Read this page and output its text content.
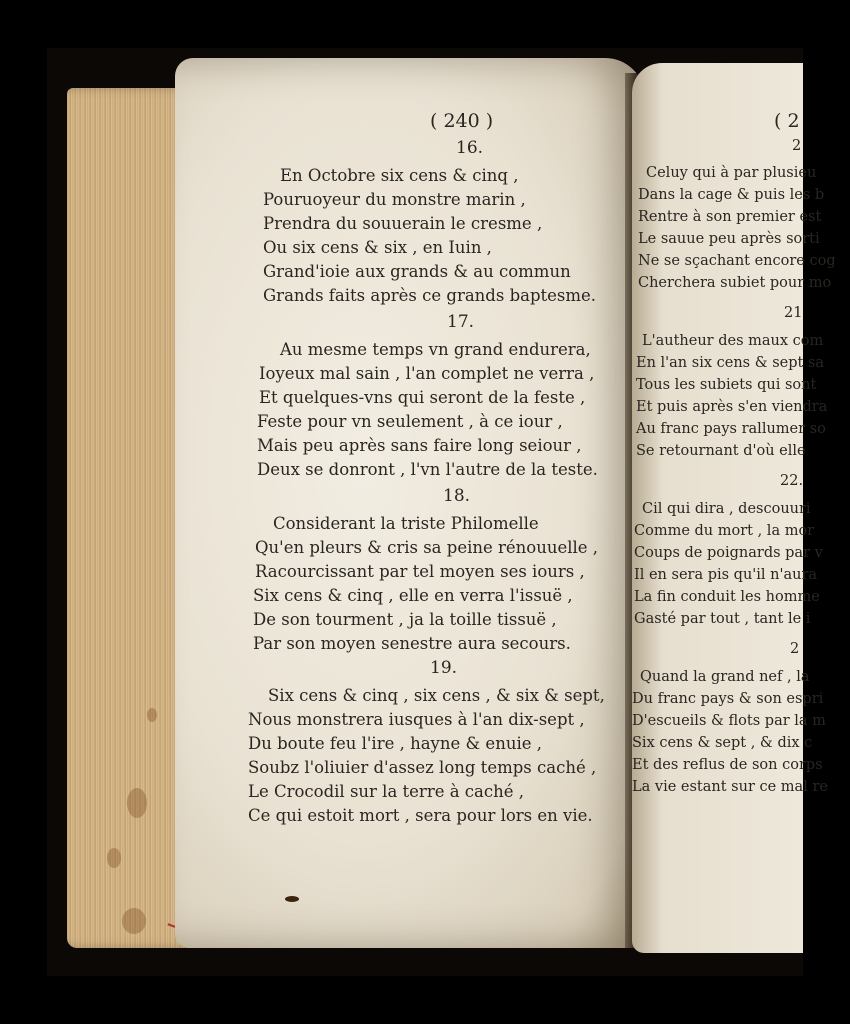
( 240 )
16.
En Octobre six cens & cinq ,
Pouruoyeur du monstre marin ,
Prendra du souuerain le cresme ,
Ou six cens & six , en Iuin ,
Grand'ioie aux grands & au commun
Grands faits après ce grands baptesme.
17.
Au mesme temps vn grand endurera,
Ioyeux mal sain , l'an complet ne verra ,
Et quelques-vns qui seront de la feste ,
Feste pour vn seulement , à ce iour ,
Mais peu après sans faire long seiour ,
Deux se donront , l'vn l'autre de la teste.
18.
Considerant la triste Philomelle
Qu'en pleurs & cris sa peine rénouuelle ,
Racourcissant par tel moyen ses iours ,
Six cens & cinq , elle en verra l'issuë ,
De son tourment , ja la toille tissuë ,
Par son moyen senestre aura secours.
19.
Six cens & cinq , six cens , & six & sept,
Nous monstrera iusques à l'an dix-sept ,
Du boute feu l'ire , hayne & enuie ,
Soubz l'oliuier d'assez long temps caché ,
Le Crocodil sur la terre à caché ,
Ce qui estoit mort , sera pour lors en vie.
( 2
2
Celuy qui à par plusieu
Dans la cage & puis les b
Rentre à son premier est
Le sauue peu après sorti
Ne se sçachant encore cog
Cherchera subiet pour mo
21
L'autheur des maux com
En l'an six cens & sept sa
Tous les subiets qui sont
Et puis après s'en viendra
Au franc pays rallumer so
Se retournant d'où elle
22.
Cil qui dira , descouuri
Comme du mort , la mor
Coups de poignards par v
Il en sera pis qu'il n'aura
La fin conduit les homme
Gasté par tout , tant le i
2
Quand la grand nef , la
Du franc pays & son espri
D'escueils & flots par la m
Six cens & sept , & dix c
Et des reflus de son corps
La vie estant sur ce mal re
